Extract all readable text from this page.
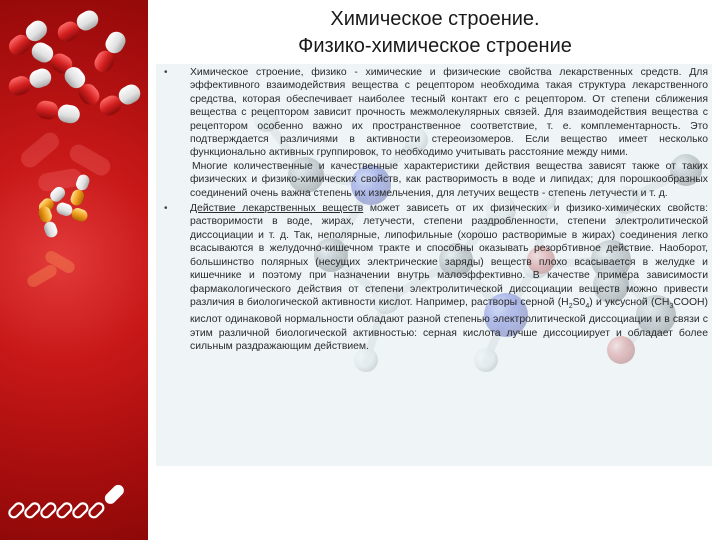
Химическое строение.
Физико-химическое строение
• Химическое строение, физико - химические и физические свойства лекарственных средств. Для эффективного взаимодействия вещества с рецептором необходима такая структура лекарственного средства, которая обеспечивает наиболее тесный контакт его с рецептором. От степени сближения вещества с рецептором зависит прочность межмолекулярных связей. Для взаимодействия вещества с рецептором особенно важно их пространственное соответствие, т. е. комплементарность. Это подтверждается различиями в активности стереоизомеров. Если вещество имеет несколько функционально активных группировок, то необходимо учитывать расстояние между ними.

Многие количественные и качественные характеристики действия вещества зависят также от таких физических и физико-химических свойств, как растворимость в воде и липидах; для порошкообразных соединений очень важна степень их измельчения, для летучих веществ - степень летучести и т. д.

• Действие лекарственных веществ может зависеть от их физических и физико-химических свойств: растворимости в воде, жирах, летучести, степени раздробленности, степени электролитической диссоциации и т. д. Так, неполярные, липофильные (хорошо растворимые в жирах) соединения легко всасываются в желудочно-кишечном тракте и способны оказывать резорбтивное действие. Наоборот, большинство полярных (несущих электрические заряды) веществ плохо всасывается в желудке и кишечнике и поэтому при назначении внутрь малоэффективно. В качестве примера зависимости фармакологического действия от степени электролитической диссоциации веществ можно привести различия в биологической активности кислот. Например, растворы серной $(H_2S0_4)$ и уксусной $(CH_3COOH)$ кислот одинаковой нормальности обладают разной степенью электролитической диссоциации и в связи с этим различной биологической активностью: серная кислота лучше диссоциирует и обладает более сильным раздражающим действием.
